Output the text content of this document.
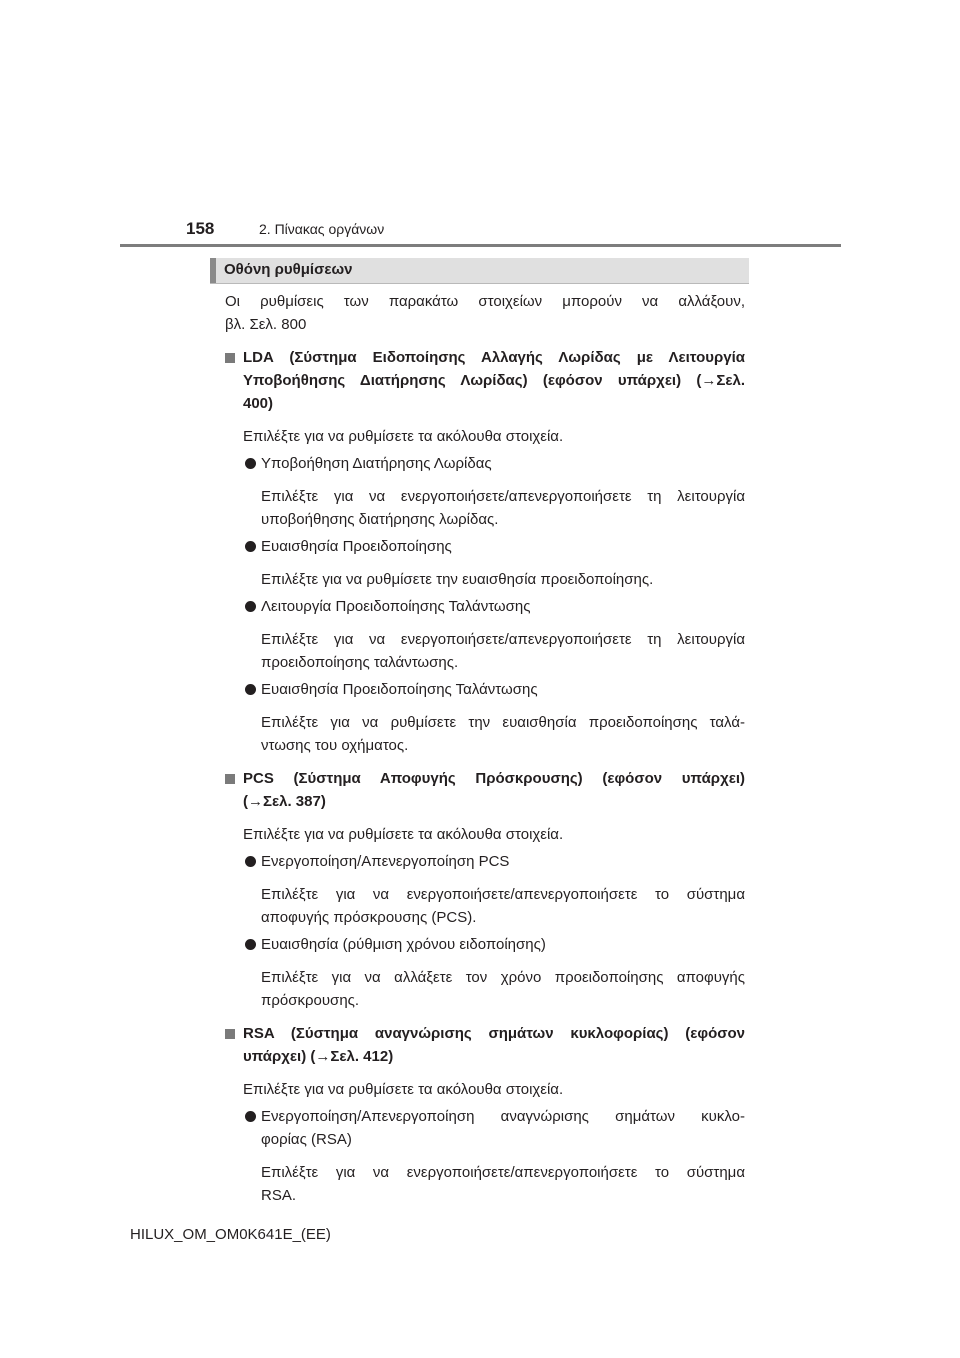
158	2. Πίνακας οργάνων
Οθόνη ρυθμίσεων
Οι ρυθμίσεις των παρακάτω στοιχείων μπορούν να αλλάξουν,
βλ. Σελ. 800
LDA (Σύστημα Ειδοποίησης Αλλαγής Λωρίδας με Λειτουργία
Υποβοήθησης Διατήρησης Λωρίδας) (εφόσον υπάρχει) (→Σελ.
400)
Επιλέξτε για να ρυθμίσετε τα ακόλουθα στοιχεία.
Υποβοήθηση Διατήρησης Λωρίδας
Επιλέξτε για να ενεργοποιήσετε/απενεργοποιήσετε τη λειτουργία
υποβοήθησης διατήρησης λωρίδας.
Ευαισθησία Προειδοποίησης
Επιλέξτε για να ρυθμίσετε την ευαισθησία προειδοποίησης.
Λειτουργία Προειδοποίησης Ταλάντωσης
Επιλέξτε για να ενεργοποιήσετε/απενεργοποιήσετε τη λειτουργία
προειδοποίησης ταλάντωσης.
Ευαισθησία Προειδοποίησης Ταλάντωσης
Επιλέξτε για να ρυθμίσετε την ευαισθησία προειδοποίησης ταλά-
ντωσης του οχήματος.
PCS (Σύστημα Αποφυγής Πρόσκρουσης) (εφόσον υπάρχει)
(→Σελ. 387)
Επιλέξτε για να ρυθμίσετε τα ακόλουθα στοιχεία.
Ενεργοποίηση/Απενεργοποίηση PCS
Επιλέξτε για να ενεργοποιήσετε/απενεργοποιήσετε το σύστημα
αποφυγής πρόσκρουσης (PCS).
Ευαισθησία (ρύθμιση χρόνου ειδοποίησης)
Επιλέξτε για να αλλάξετε τον χρόνο προειδοποίησης αποφυγής
πρόσκρουσης.
RSA (Σύστημα αναγνώρισης σημάτων κυκλοφορίας) (εφόσον
υπάρχει) (→Σελ. 412)
Επιλέξτε για να ρυθμίσετε τα ακόλουθα στοιχεία.
Ενεργοποίηση/Απενεργοποίηση αναγνώρισης σημάτων κυκλο-
φορίας (RSA)
Επιλέξτε για να ενεργοποιήσετε/απενεργοποιήσετε το σύστημα
RSA.
HILUX_OM_OM0K641E_(EE)
